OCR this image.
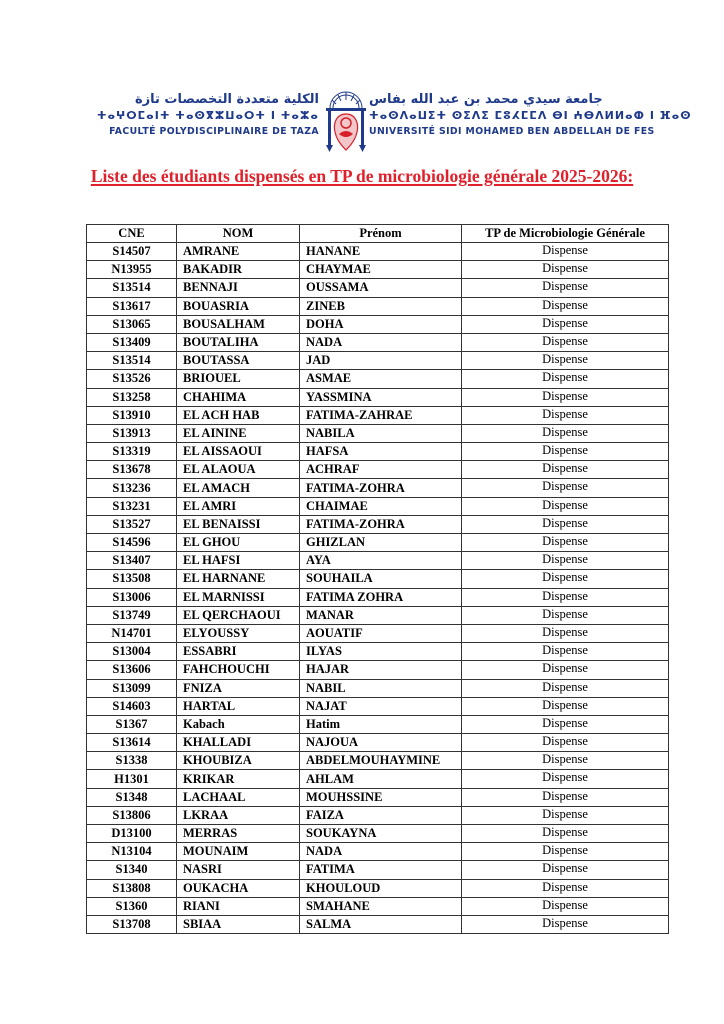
الكلية متعددة التخصصات تازة
ⵜⴰⵖⵔⵎⴰⵏⵜ ⵜⴰⵙⴳⵣⵡⴰⵔⵜ ⵏ ⵜⴰⵣⴰ
FACULTÉ POLYDISCIPLINAIRE DE TAZA
جامعة سيدي محمد بن عبد الله بفاس
ⵜⴰⵙⴷⴰⵡⵉⵜ ⵙⵉⴷⵉ ⵎⵓⵃⵎⵎⴷ ⴱⵏ ⵄⴱⴷⵍⵍⴰⵀ ⵏ ⴼⴰⵙ
UNIVERSITÉ SIDI MOHAMED BEN ABDELLAH DE FES
Liste des étudiants dispensés en TP de microbiologie générale 2025-2026:
CNE	NOM	Prénom	TP de Microbiologie Générale
S14507	AMRANE	HANANE	Dispense
N13955	BAKADIR	CHAYMAE	Dispense
S13514	BENNAJI	OUSSAMA	Dispense
S13617	BOUASRIA	ZINEB	Dispense
S13065	BOUSALHAM	DOHA	Dispense
S13409	BOUTALIHA	NADA	Dispense
S13514	BOUTASSA	JAD	Dispense
S13526	BRIOUEL	ASMAE	Dispense
S13258	CHAHIMA	YASSMINA	Dispense
S13910	EL ACH HAB	FATIMA-ZAHRAE	Dispense
S13913	EL AININE	NABILA	Dispense
S13319	EL AISSAOUI	HAFSA	Dispense
S13678	EL ALAOUA	ACHRAF	Dispense
S13236	EL AMACH	FATIMA-ZOHRA	Dispense
S13231	EL AMRI	CHAIMAE	Dispense
S13527	EL BENAISSI	FATIMA-ZOHRA	Dispense
S14596	EL GHOU	GHIZLAN	Dispense
S13407	EL HAFSI	AYA	Dispense
S13508	EL HARNANE	SOUHAILA	Dispense
S13006	EL MARNISSI	FATIMA ZOHRA	Dispense
S13749	EL QERCHAOUI	MANAR	Dispense
N14701	ELYOUSSY	AOUATIF	Dispense
S13004	ESSABRI	ILYAS	Dispense
S13606	FAHCHOUCHI	HAJAR	Dispense
S13099	FNIZA	NABIL	Dispense
S14603	HARTAL	NAJAT	Dispense
S1367	Kabach	Hatim	Dispense
S13614	KHALLADI	NAJOUA	Dispense
S1338	KHOUBIZA	ABDELMOUHAYMINE	Dispense
H1301	KRIKAR	AHLAM	Dispense
S1348	LACHAAL	MOUHSSINE	Dispense
S13806	LKRAA	FAIZA	Dispense
D13100	MERRAS	SOUKAYNA	Dispense
N13104	MOUNAIM	NADA	Dispense
S1340	NASRI	FATIMA	Dispense
S13808	OUKACHA	KHOULOUD	Dispense
S1360	RIANI	SMAHANE	Dispense
S13708	SBIAA	SALMA	Dispense
